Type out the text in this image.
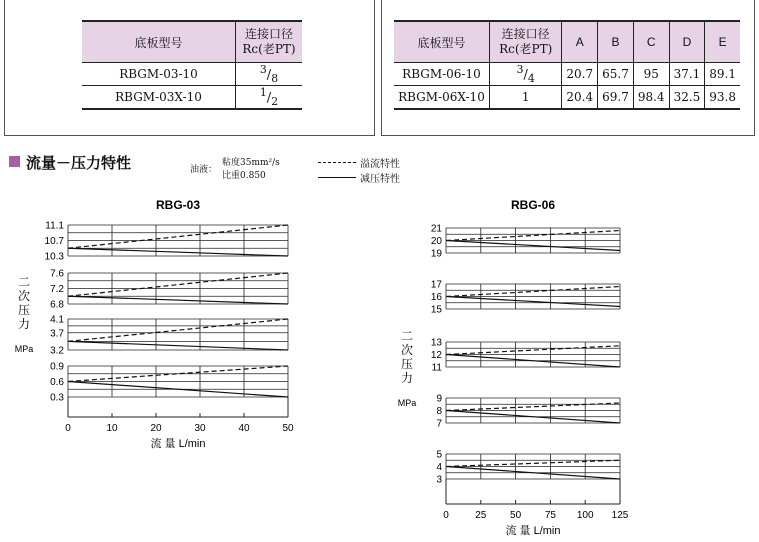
底板型号	连接口径
Rc(老PT)
RBGM-03-10	$^3/_8$
RBGM-03X-10	$^1/_2$
底板型号	连接口径
Rc(老PT)	A	B	C	D	E
RBGM-06-10	$^3/_4$	20.7	65.7	95	37.1	89.1
RBGM-06X-10	1	20.4	69.7	98.4	32.5	93.8
流量－压力特性	油液：
粘度35mm²/s
比重0.850
溢流特性
减压特性
RBG-03
11.1
10.7
10.3
7.6
7.2
6.8
4.1
3.7
3.2
0.9
0.6
0.3
0	10	20	30	40	50
流 量 L/min
二
次
压
力
MPa
RBG-06
21
20
19
17
16
15
13
12
11
9
8
7
5
4
3
0	25 50 75 100 125
流 量 L/min
二
次
压
力
MPa
